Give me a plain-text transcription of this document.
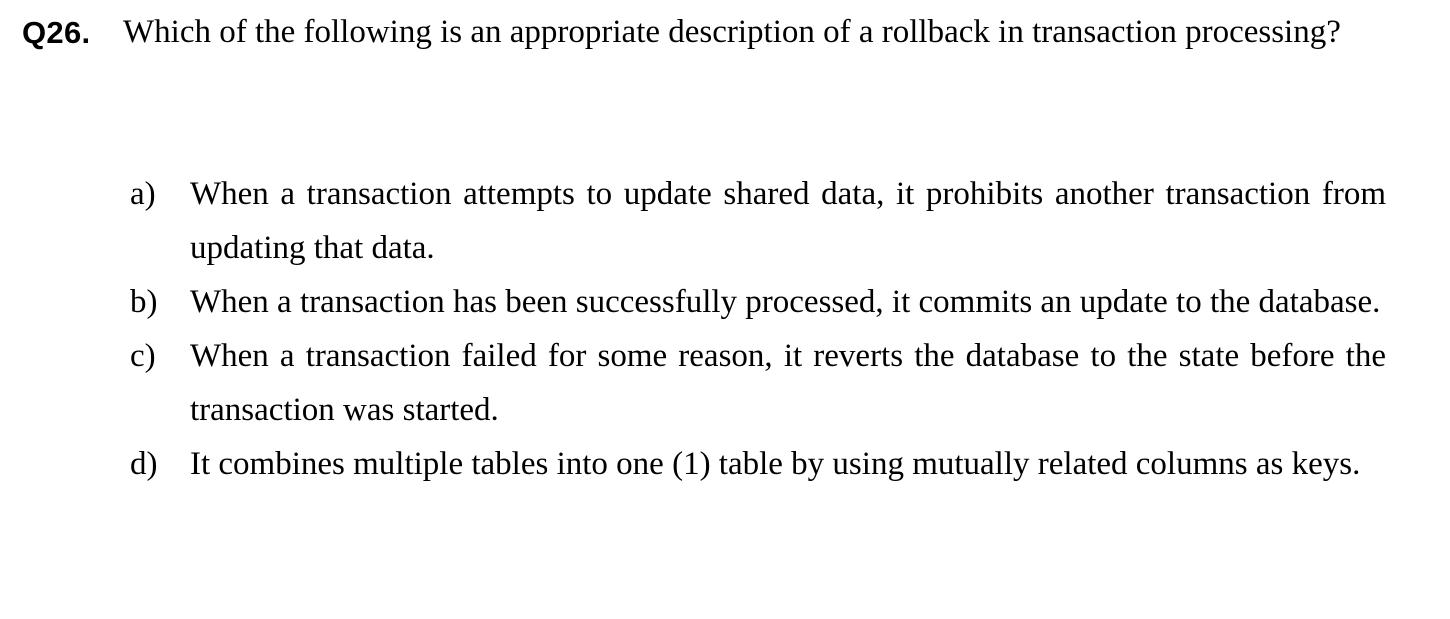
Q26. Which of the following is an appropriate description of a rollback in transaction processing?
a)	When a transaction attempts to update shared data, it prohibits another transaction from updating that data.
b) When a transaction has been successfully processed, it commits an update to the database.
c)	When a transaction failed for some reason, it reverts the database to the state before the transaction was started.
d) It combines multiple tables into one (1) table by using mutually related columns as keys.
